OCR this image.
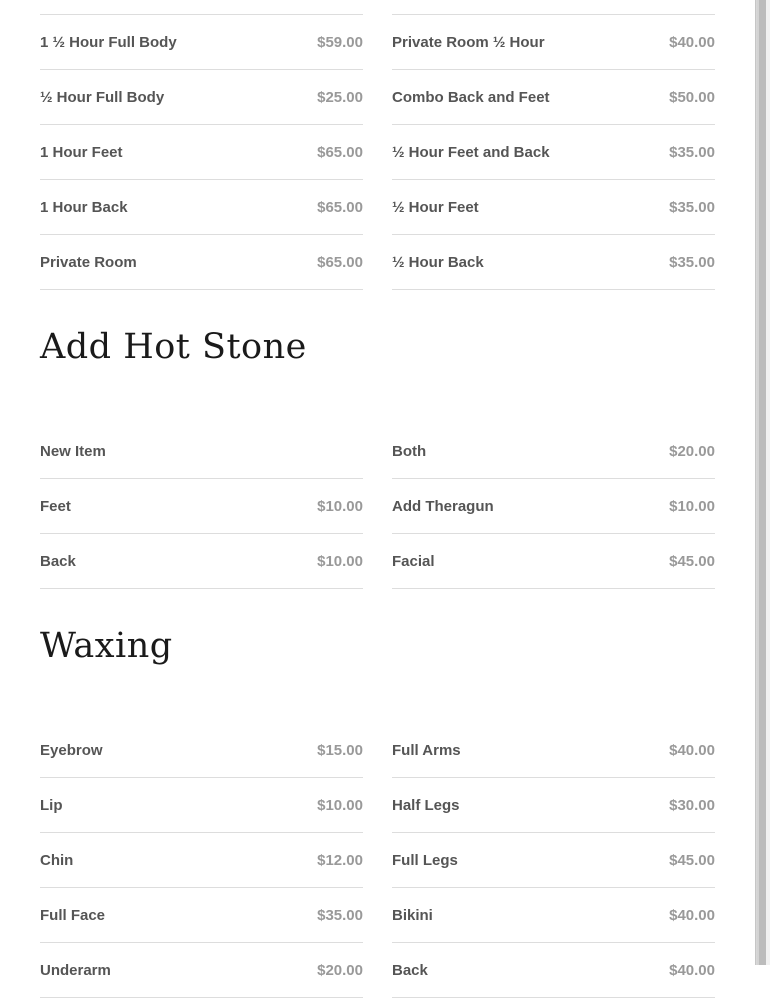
1 ½ Hour Full Body	$59.00
½ Hour Full Body	$25.00
1 Hour Feet	$65.00
1 Hour Back	$65.00
Private Room	$65.00
Private Room ½ Hour	$40.00
Combo Back and Feet	$50.00
½ Hour Feet and Back	$35.00
½ Hour Feet	$35.00
½ Hour Back	$35.00
Add Hot Stone
New Item
Feet	$10.00
Back	$10.00
Both	$20.00
Add Theragun	$10.00
Facial	$45.00
Waxing
Eyebrow	$15.00
Lip	$10.00
Chin	$12.00
Full Face	$35.00
Underarm	$20.00
Full Arms	$40.00
Half Legs	$30.00
Full Legs	$45.00
Bikini	$40.00
Back	$40.00
